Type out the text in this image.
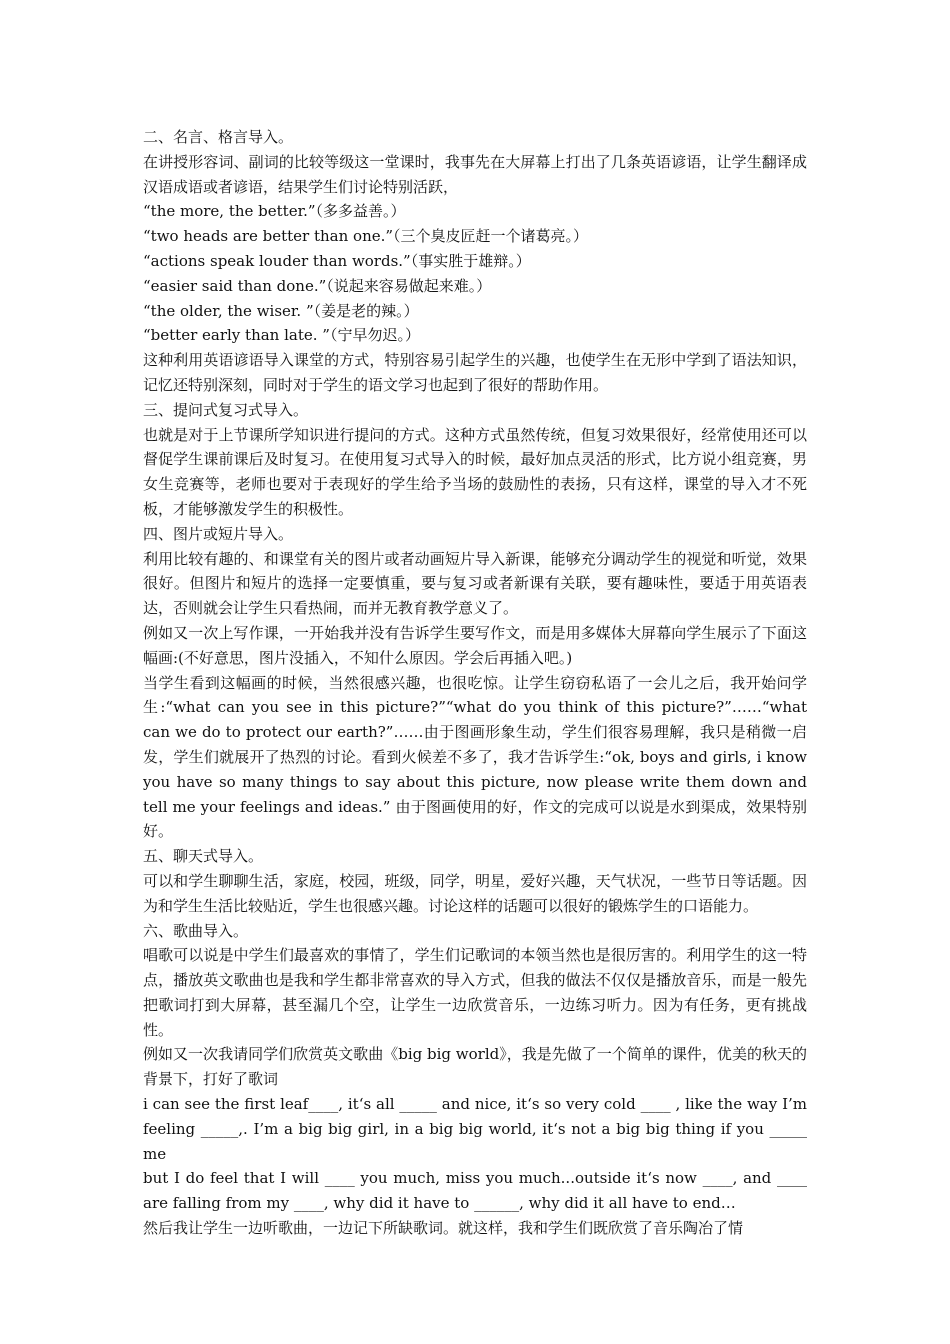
二、名言、格言导入。

在讲授形容词、副词的比较等级这一堂课时，我事先在大屏幕上打出了几条英语谚语，让学生翻译成汉语成语或者谚语，结果学生们讨论特别活跃，

“the more, the better.”（多多益善。）

“two heads are better than one.”（三个臭皮匠赶一个诸葛亮。）

“actions speak louder than words.”（事实胜于雄辩。）

“easier said than done.”（说起来容易做起来难。）

“the older, the wiser. ”（姜是老的辣。）

“better early than late. ”（宁早勿迟。）

这种利用英语谚语导入课堂的方式，特别容易引起学生的兴趣，也使学生在无形中学到了语法知识，记忆还特别深刻，同时对于学生的语文学习也起到了很好的帮助作用。

三、提问式复习式导入。

也就是对于上节课所学知识进行提问的方式。这种方式虽然传统，但复习效果很好，经常使用还可以督促学生课前课后及时复习。在使用复习式导入的时候，最好加点灵活的形式，比方说小组竞赛，男女生竞赛等，老师也要对于表现好的学生给予当场的鼓励性的表扬，只有这样，课堂的导入才不死板，才能够激发学生的积极性。

四、图片或短片导入。

利用比较有趣的、和课堂有关的图片或者动画短片导入新课，能够充分调动学生的视觉和听觉，效果很好。但图片和短片的选择一定要慎重，要与复习或者新课有关联，要有趣味性，要适于用英语表达，否则就会让学生只看热闹，而并无教育教学意义了。

例如又一次上写作课，一开始我并没有告诉学生要写作文，而是用多媒体大屏幕向学生展示了下面这幅画:(不好意思，图片没插入，不知什么原因。学会后再插入吧。)

当学生看到这幅画的时候，当然很感兴趣，也很吃惊。让学生窃窃私语了一会儿之后，我开始问学生:“what can you see in this picture?”“what do you think of this picture?”……“what can we do to protect our earth?”……由于图画形象生动，学生们很容易理解，我只是稍微一启发，学生们就展开了热烈的讨论。看到火候差不多了，我才告诉学生:“ok, boys and girls, i know you have so many things to say about this picture, now please write them down and tell me your feelings and ideas.” 由于图画使用的好，作文的完成可以说是水到渠成，效果特别好。

五、聊天式导入。

可以和学生聊聊生活，家庭，校园，班级，同学，明星，爱好兴趣，天气状况，一些节日等话题。因为和学生生活比较贴近，学生也很感兴趣。讨论这样的话题可以很好的锻炼学生的口语能力。

六、歌曲导入。

唱歌可以说是中学生们最喜欢的事情了，学生们记歌词的本领当然也是很厉害的。利用学生的这一特点，播放英文歌曲也是我和学生都非常喜欢的导入方式，但我的做法不仅仅是播放音乐，而是一般先把歌词打到大屏幕，甚至漏几个空，让学生一边欣赏音乐，一边练习听力。因为有任务，更有挑战性。

例如又一次我请同学们欣赏英文歌曲《big big world》，我是先做了一个简单的课件，优美的秋天的背景下，打好了歌词

i can see the first leaf____, it‘s all _____ and nice, it‘s so very cold ____ , like the way I’m feeling _____,. I’m a big big girl, in a big big world, it‘s not a big big thing if you _____ me

but I do feel that I will ____ you much, miss you much...outside it‘s now ____, and ____ are falling from my ____, why did it have to ______, why did it all have to end…

然后我让学生一边听歌曲，一边记下所缺歌词。就这样，我和学生们既欣赏了音乐陶冶了情
